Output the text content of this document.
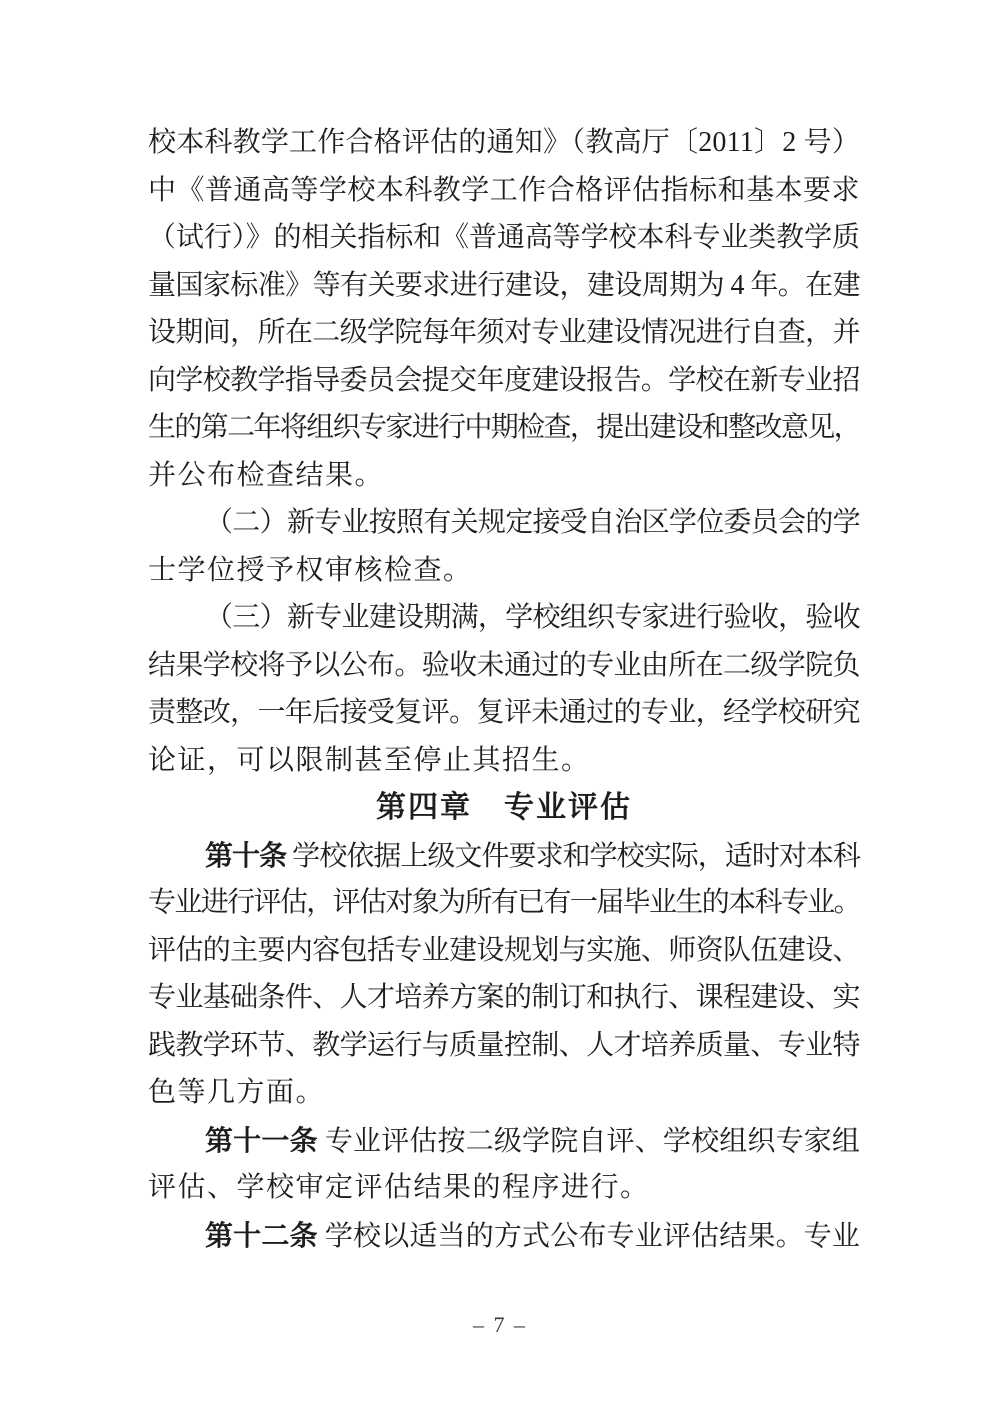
校本科教学工作合格评估的通知》（教高厅〔2011〕2 号）
中《普通高等学校本科教学工作合格评估指标和基本要求
（试行）》的相关指标和《普通高等学校本科专业类教学质
量国家标准》等有关要求进行建设，建设周期为 4 年。在建
设期间，所在二级学院每年须对专业建设情况进行自查，并
向学校教学指导委员会提交年度建设报告。学校在新专业招
生的第二年将组织专家进行中期检查，提出建设和整改意见，
并公布检查结果。
（二）新专业按照有关规定接受自治区学位委员会的学
士学位授予权审核检查。
（三）新专业建设期满，学校组织专家进行验收，验收
结果学校将予以公布。验收未通过的专业由所在二级学院负
责整改，一年后接受复评。复评未通过的专业，经学校研究
论证，可以限制甚至停止其招生。
第四章　专业评估
第十条 学校依据上级文件要求和学校实际，适时对本科
专业进行评估，评估对象为所有已有一届毕业生的本科专业。
评估的主要内容包括专业建设规划与实施、师资队伍建设、
专业基础条件、人才培养方案的制订和执行、课程建设、实
践教学环节、教学运行与质量控制、人才培养质量、专业特
色等几方面。
第十一条 专业评估按二级学院自评、学校组织专家组
评估、学校审定评估结果的程序进行。
第十二条 学校以适当的方式公布专业评估结果。专业
– 7 –
